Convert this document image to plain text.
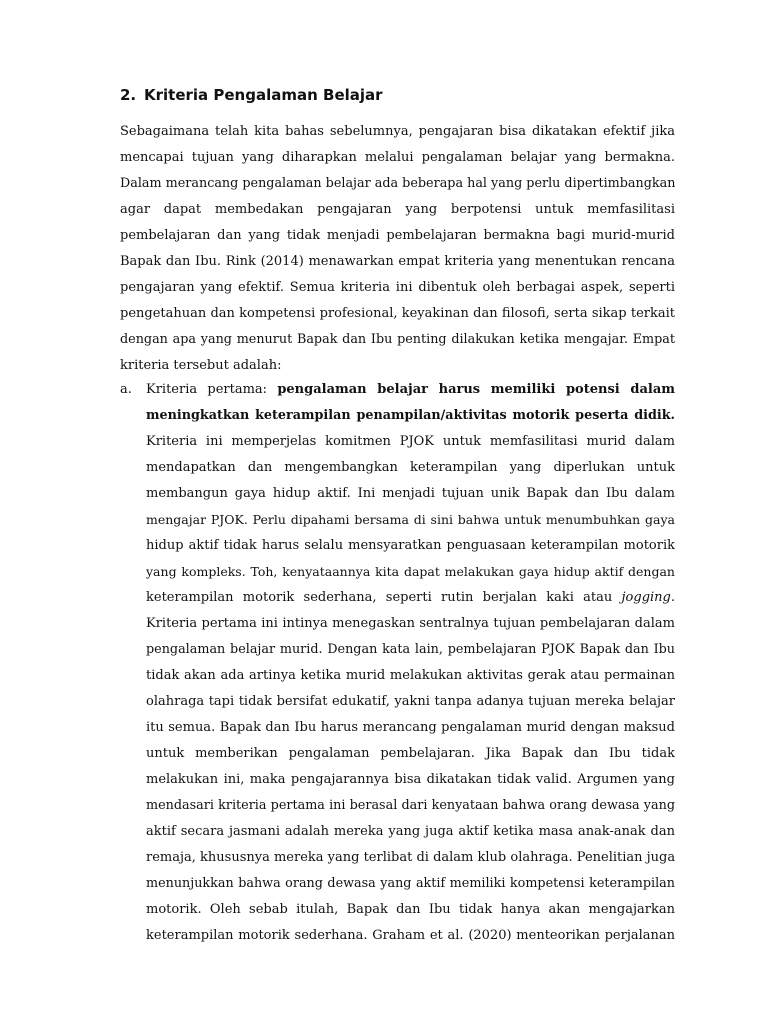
2. Kriteria Pengalaman Belajar
Sebagaimana telah kita bahas sebelumnya, pengajaran bisa dikatakan efektif jika
mencapai tujuan yang diharapkan melalui pengalaman belajar yang bermakna.
Dalam merancang pengalaman belajar ada beberapa hal yang perlu dipertimbangkan
agar dapat membedakan pengajaran yang berpotensi untuk memfasilitasi
pembelajaran dan yang tidak menjadi pembelajaran bermakna bagi murid-murid
Bapak dan Ibu. Rink (2014) menawarkan empat kriteria yang menentukan rencana
pengajaran yang efektif. Semua kriteria ini dibentuk oleh berbagai aspek, seperti
pengetahuan dan kompetensi profesional, keyakinan dan filosofi, serta sikap terkait
dengan apa yang menurut Bapak dan Ibu penting dilakukan ketika mengajar. Empat
kriteria tersebut adalah:
a.	Kriteria pertama: pengalaman belajar harus memiliki potensi dalam
meningkatkan keterampilan penampilan/aktivitas motorik peserta didik.
Kriteria ini memperjelas komitmen PJOK untuk memfasilitasi murid dalam
mendapatkan dan mengembangkan keterampilan yang diperlukan untuk
membangun gaya hidup aktif. Ini menjadi tujuan unik Bapak dan Ibu dalam
mengajar PJOK. Perlu dipahami bersama di sini bahwa untuk menumbuhkan gaya
hidup aktif tidak harus selalu mensyaratkan penguasaan keterampilan motorik
yang kompleks. Toh, kenyataannya kita dapat melakukan gaya hidup aktif dengan
keterampilan motorik sederhana, seperti rutin berjalan kaki atau jogging.
Kriteria pertama ini intinya menegaskan sentralnya tujuan pembelajaran dalam
pengalaman belajar murid. Dengan kata lain, pembelajaran PJOK Bapak dan Ibu
tidak akan ada artinya ketika murid melakukan aktivitas gerak atau permainan
olahraga tapi tidak bersifat edukatif, yakni tanpa adanya tujuan mereka belajar
itu semua. Bapak dan Ibu harus merancang pengalaman murid dengan maksud
untuk memberikan pengalaman pembelajaran. Jika Bapak dan Ibu tidak
melakukan ini, maka pengajarannya bisa dikatakan tidak valid. Argumen yang
mendasari kriteria pertama ini berasal dari kenyataan bahwa orang dewasa yang
aktif secara jasmani adalah mereka yang juga aktif ketika masa anak-anak dan
remaja, khususnya mereka yang terlibat di dalam klub olahraga. Penelitian juga
menunjukkan bahwa orang dewasa yang aktif memiliki kompetensi keterampilan
motorik. Oleh sebab itulah, Bapak dan Ibu tidak hanya akan mengajarkan
keterampilan motorik sederhana. Graham et al. (2020) menteorikan perjalanan
